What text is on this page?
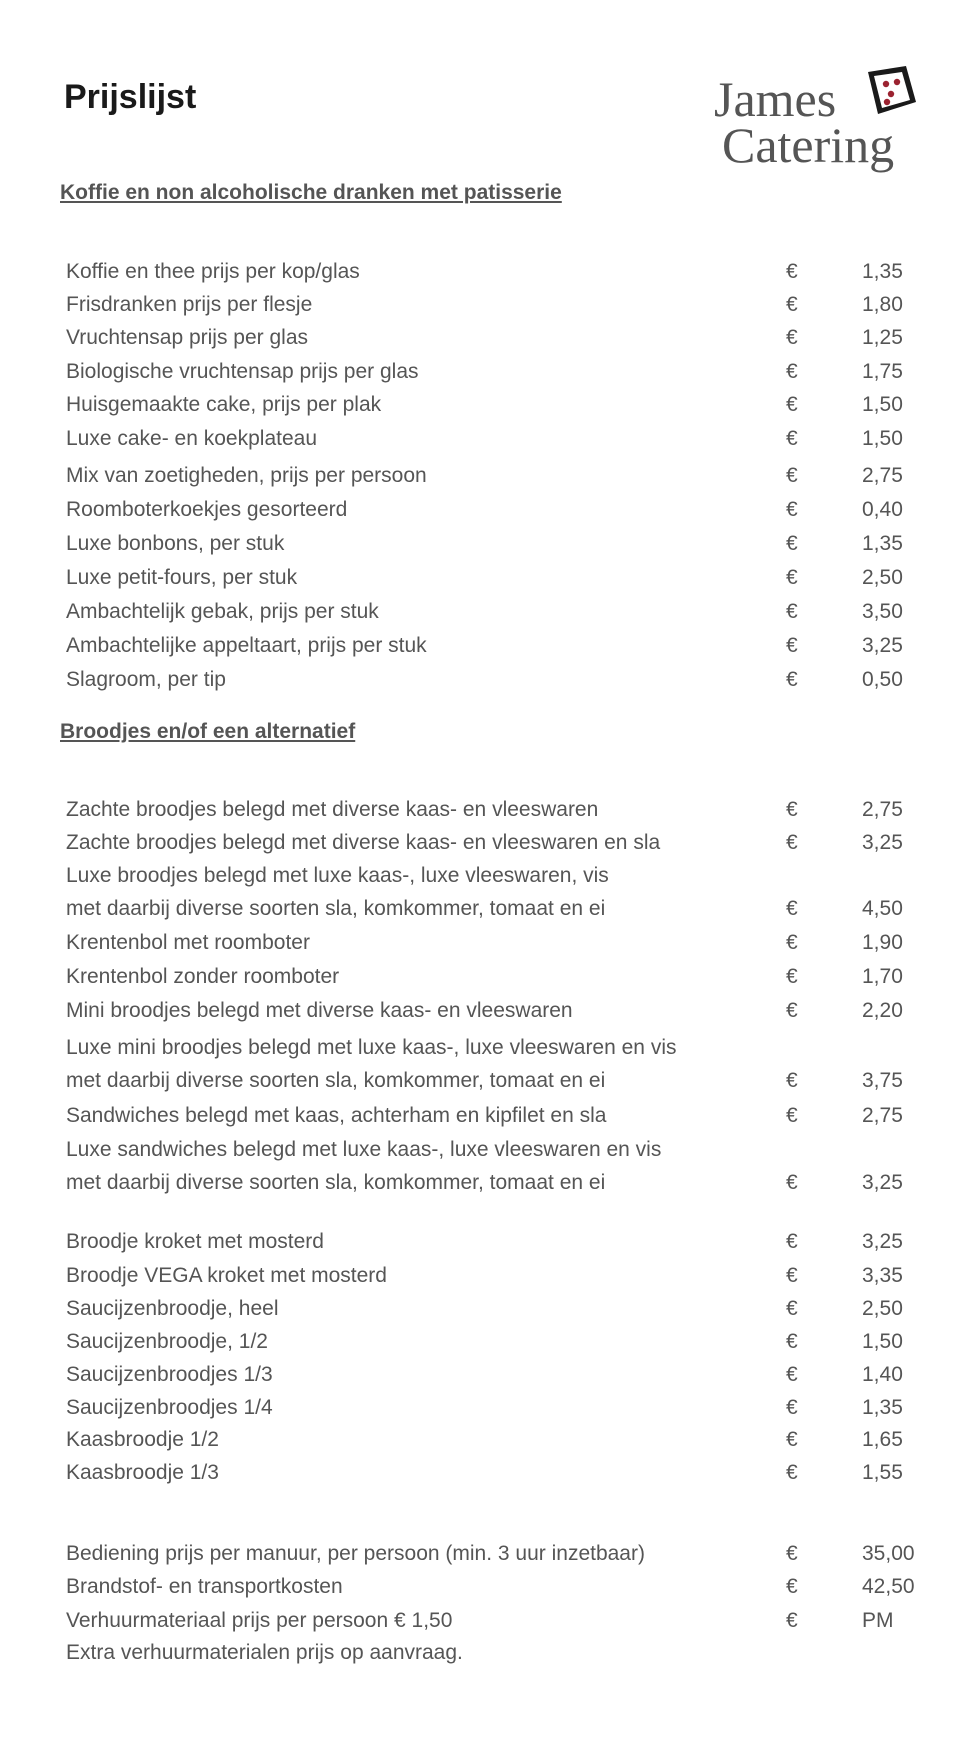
Prijslijst	James
Catering
Koffie en non alcoholische dranken met patisserie
Koffie en thee prijs per kop/glas	€	1,35
Frisdranken prijs per flesje	€	1,80
Vruchtensap prijs per glas	€	1,25
Biologische vruchtensap prijs per glas	€	1,75
Huisgemaakte cake, prijs per plak	€	1,50
Luxe cake- en koekplateau	€	1,50
Mix van zoetigheden, prijs per persoon	€	2,75
Roomboterkoekjes gesorteerd	€	0,40
Luxe bonbons, per stuk	€	1,35
Luxe petit-fours, per stuk	€	2,50
Ambachtelijk gebak, prijs per stuk	€	3,50
Ambachtelijke appeltaart, prijs per stuk	€	3,25
Slagroom, per tip	€	0,50
Broodjes en/of een alternatief
Zachte broodjes belegd met diverse kaas- en vleeswaren	€	2,75
Zachte broodjes belegd met diverse kaas- en vleeswaren en sla	€	3,25
Luxe broodjes belegd met luxe kaas-, luxe vleeswaren, vis
met daarbij diverse soorten sla, komkommer, tomaat en ei	€	4,50
Krentenbol met roomboter	€	1,90
Krentenbol zonder roomboter	€	1,70
Mini broodjes belegd met diverse kaas- en vleeswaren	€	2,20
Luxe mini broodjes belegd met luxe kaas-, luxe vleeswaren en vis
met daarbij diverse soorten sla, komkommer, tomaat en ei	€	3,75
Sandwiches belegd met kaas, achterham en kipfilet en sla	€	2,75
Luxe sandwiches belegd met luxe kaas-, luxe vleeswaren en vis
met daarbij diverse soorten sla, komkommer, tomaat en ei	€	3,25
Broodje kroket met mosterd	€	3,25
Broodje VEGA kroket met mosterd	€	3,35
Saucijzenbroodje, heel	€	2,50
Saucijzenbroodje, 1/2	€	1,50
Saucijzenbroodjes 1/3	€	1,40
Saucijzenbroodjes 1/4	€	1,35
Kaasbroodje 1/2	€	1,65
Kaasbroodje 1/3	€	1,55
Bediening prijs per manuur, per persoon (min. 3 uur inzetbaar)	€	35,00
Brandstof- en transportkosten	€	42,50
Verhuurmateriaal prijs per persoon € 1,50	€	PM
Extra verhuurmaterialen prijs op aanvraag.
